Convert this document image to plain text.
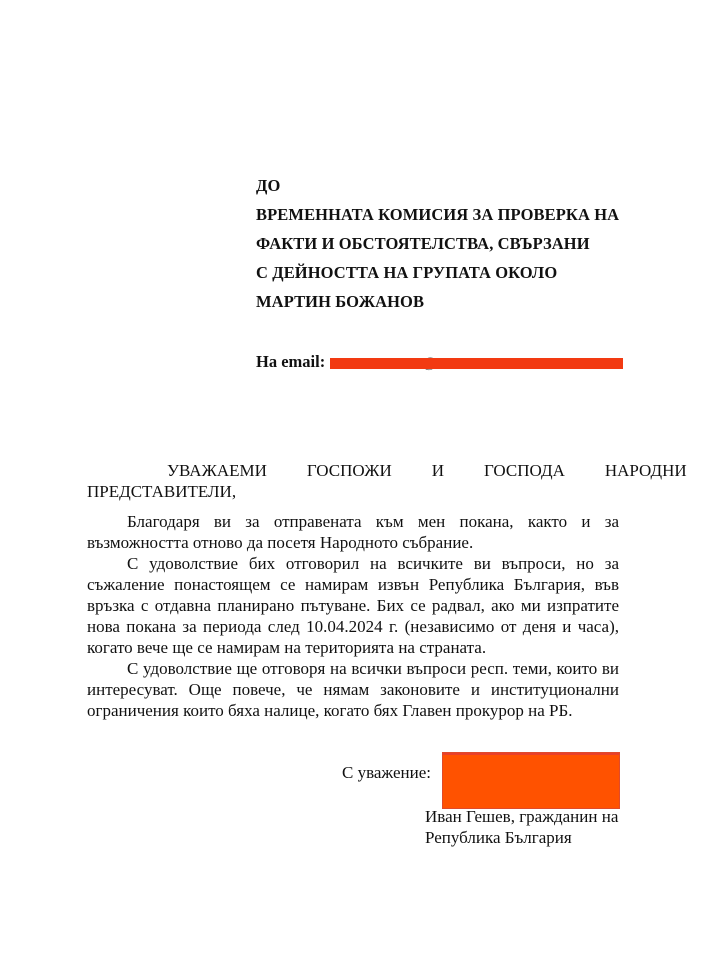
ДО
ВРЕМЕННАТА КОМИСИЯ ЗА ПРОВЕРКА НА
ФАКТИ И ОБСТОЯТЕЛСТВА, СВЪРЗАНИ
С ДЕЙНОСТТА НА ГРУПАТА ОКОЛО
МАРТИН БОЖАНОВ
На email:
УВАЖАЕМИ	ГОСПОЖИ	И	ГОСПОДА	НАРОДНИ
ПРЕДСТАВИТЕЛИ,

Благодаря ви за отправената към мен покана, както и за възможността отново да посетя Народното събрание.

С удоволствие бих отговорил на всичките ви въпроси, но за съжаление понастоящем се намирам извън Република България, във връзка с отдавна планирано пътуване. Бих се радвал, ако ми изпратите нова покана за периода след 10.04.2024 г. (независимо от деня и часа), когато вече ще се намирам на територията на страната.

С удоволствие ще отговоря на всички въпроси респ. теми, които ви интересуват. Още повече, че нямам законовите и институционални ограничения които бяха налице, когато бях Главен прокурор на РБ.

С уважение:
Иван Гешев, гражданин на
Република България
